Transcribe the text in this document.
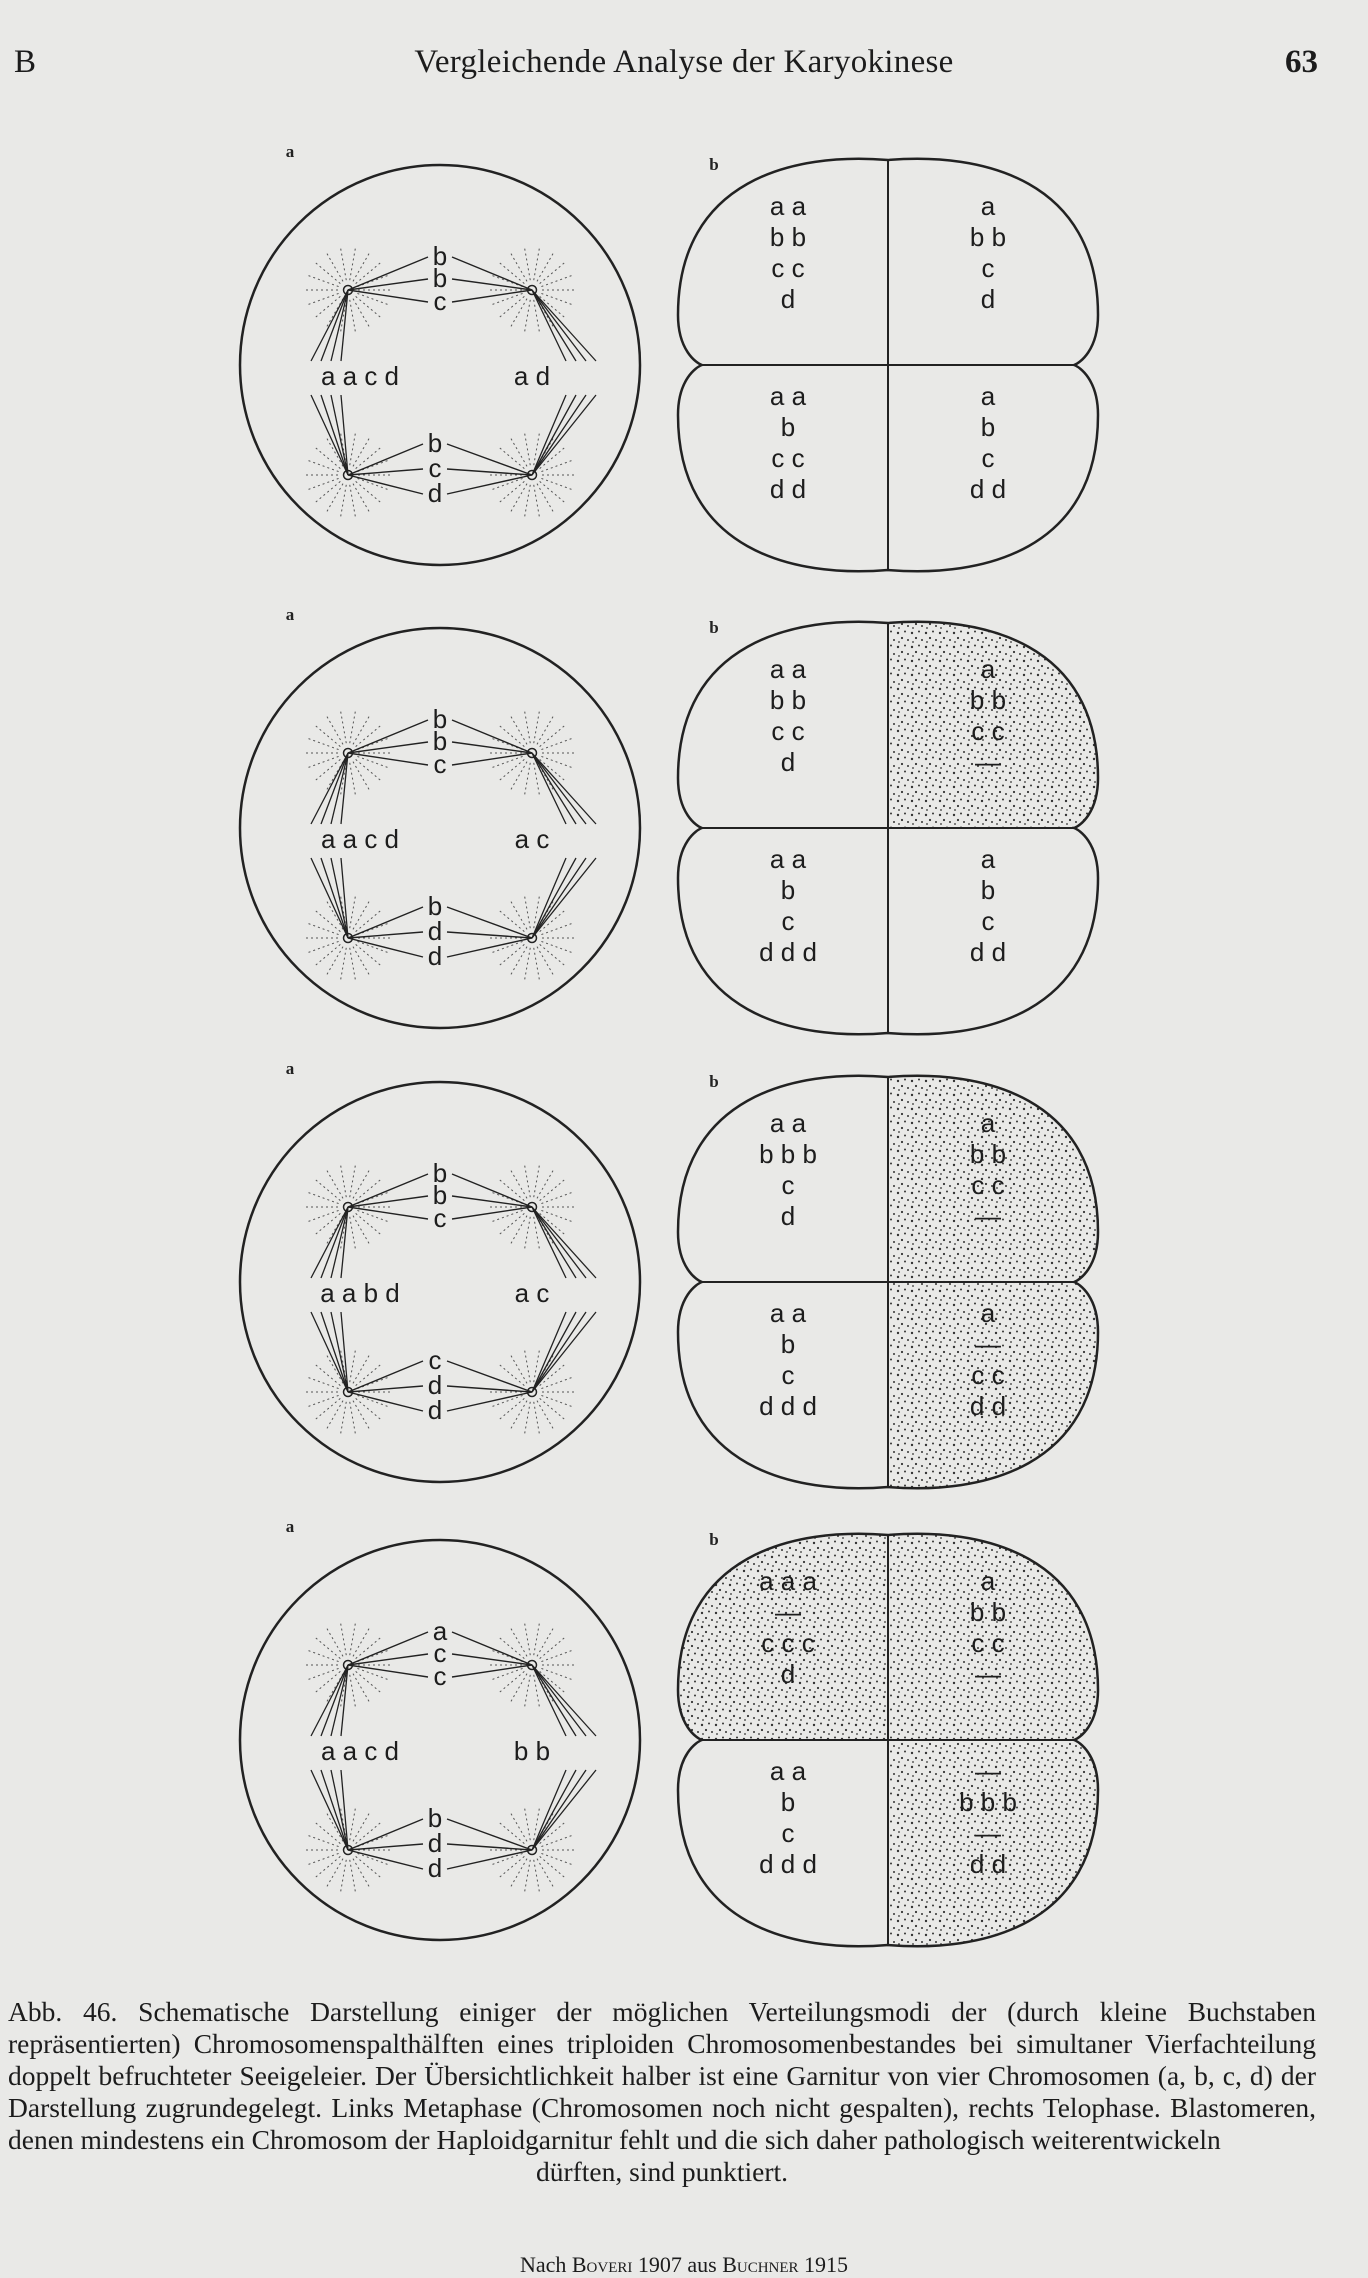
B	Vergleichende Analyse der Karyokinese	63
a
b
b
c
b
c
d
a a c d	a d
b
a a
b b
c c
d
a
b b
c
d
a a
b
c c
d d
a
b
c
d d
a
b
b
c
b
d
d
a a c d	a c
b
a a
b b
c c
d
a
b b
c c
—
a a
b
c
d d d
a
b
c
d d
a
b
b
c
c
d
d
a a b d	a c
b
a a
b b b
c
d
a
b b
c c
—
a a
b
c
d d d
a
—
c c
d d
a
a
c
c
b
d
d
a a c d	b b
b
a a a
—
c c c
d
a
b b
c c
—
a a
b
c
d d d
—
b b b
—
d d

Abb. 46. Schematische Darstellung einiger der möglichen Verteilungsmodi der (durch kleine Buchstaben repräsentierten) Chromosomenspalthälften eines triploiden Chromosomenbestandes bei simultaner Vierfachteilung doppelt befruchteter Seeigeleier. Der Übersichtlichkeit halber ist eine Garnitur von vier Chromosomen (a, b, c, d) der Darstellung zugrundegelegt. Links Metaphase (Chromosomen noch nicht gespalten), rechts Telophase. Blastomeren, denen mindestens ein Chromosom der Haploidgarnitur fehlt und die sich daher pathologisch weiterentwickeln

dürften, sind punktiert.

Nach Boveri 1907 aus Buchner 1915
